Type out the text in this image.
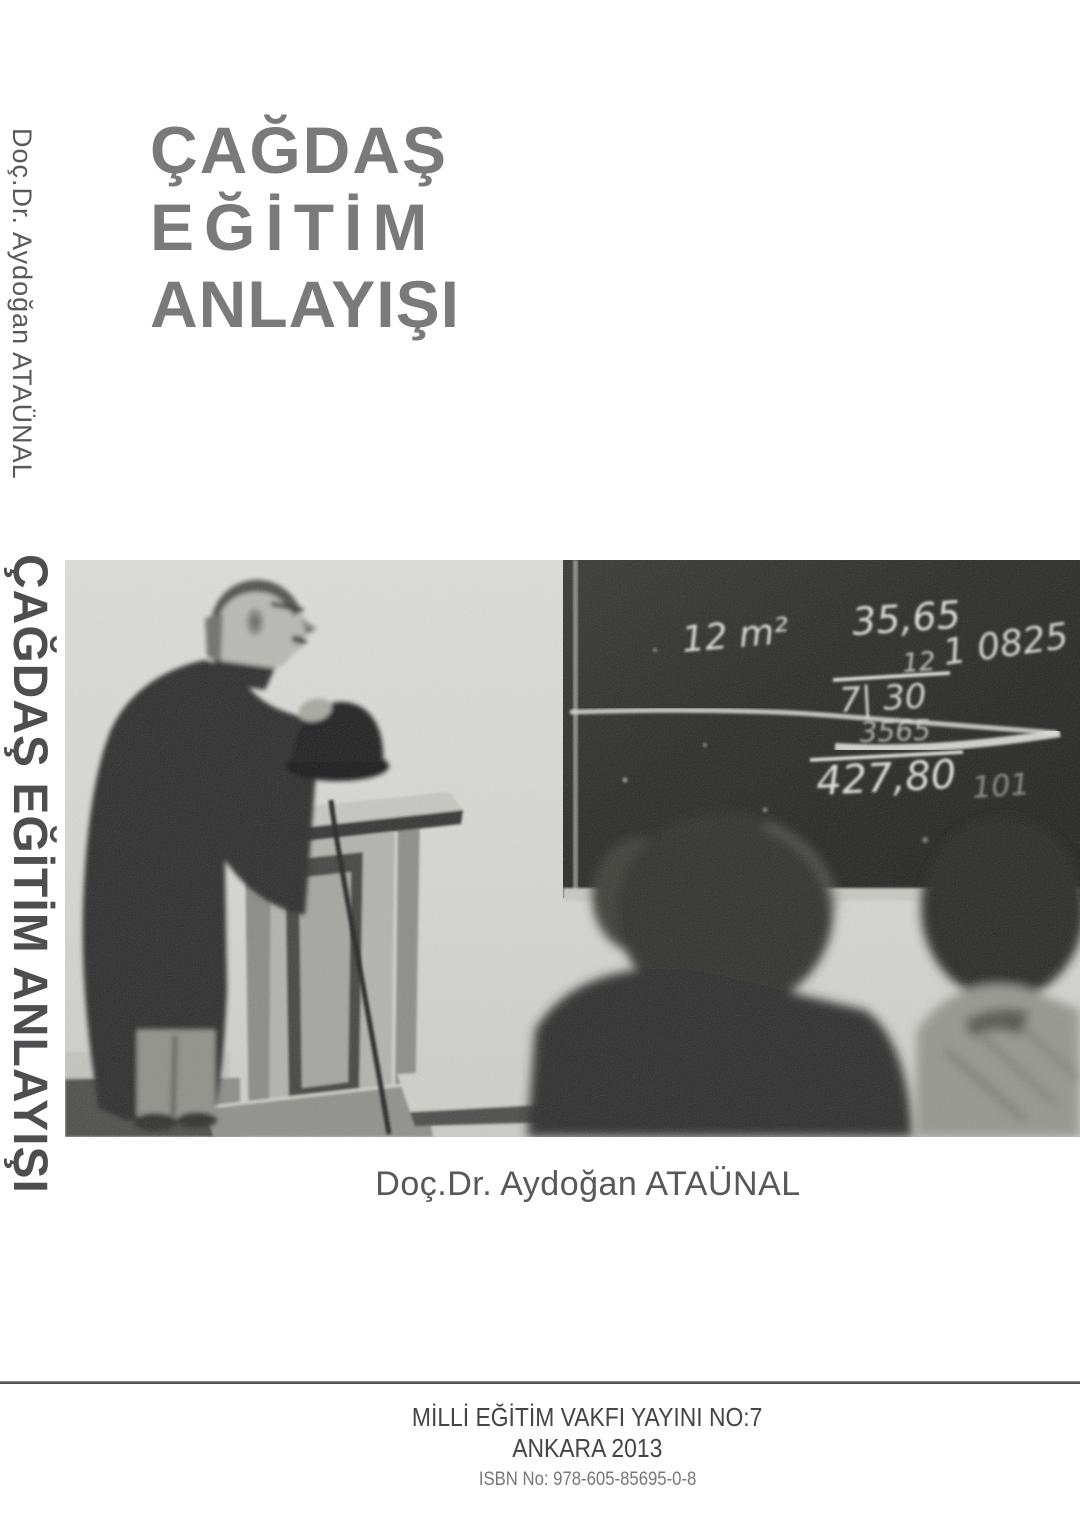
Doç.Dr. Aydoğan ATAÜNAL
ÇAĞDAŞ EĞİTİM ANLAYIŞI
ÇAĞDAŞ
EĞİTİM
ANLAYIŞI
Doç.Dr. Aydoğan ATAÜNAL
MİLLİ EĞİTİM VAKFI YAYINI NO:7
ANKARA 2013
ISBN No: 978-605-85695-0-8
